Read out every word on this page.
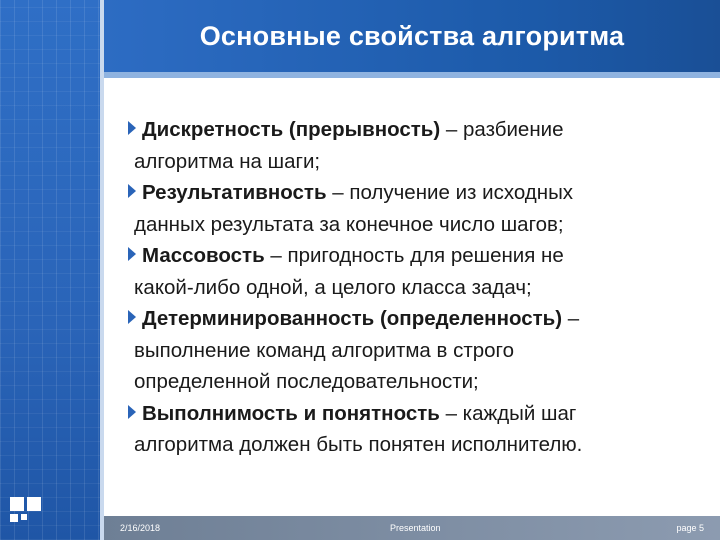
Основные свойства алгоритма
Дискретность (прерывность) – разбиение
алгоритма на шаги;
Результативность – получение из исходных
данных результата за конечное число шагов;
Массовость – пригодность для решения не
какой-либо одной, а целого класса задач;
Детерминированность (определенность) –
выполнение команд алгоритма в строго
определенной последовательности;
Выполнимость и понятность – каждый шаг
алгоритма должен быть понятен исполнителю.
2/16/2018	Presentation	page 5
